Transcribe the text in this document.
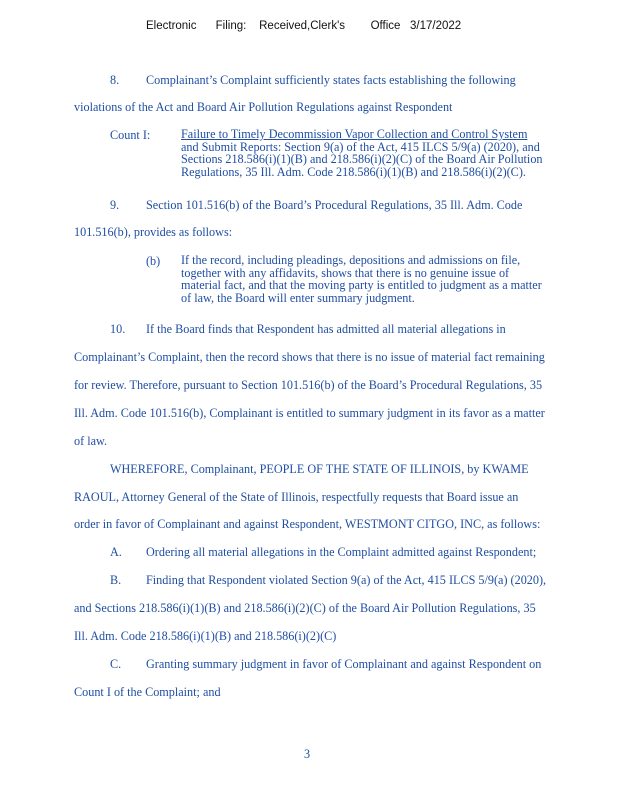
Electronic      Filing:    Received,Clerk's        Office   3/17/2022
8. Complainant’s Complaint sufficiently states facts establishing the following
violations of the Act and Board Air Pollution Regulations against Respondent
Count I:	Failure to Timely Decommission Vapor Collection and Control System
and Submit Reports: Section 9(a) of the Act, 415 ILCS 5/9(a) (2020), and
Sections 218.586(i)(1)(B) and 218.586(i)(2)(C) of the Board Air Pollution
Regulations, 35 Ill. Adm. Code 218.586(i)(1)(B) and 218.586(i)(2)(C).
9. Section 101.516(b) of the Board’s Procedural Regulations, 35 Ill. Adm. Code
101.516(b), provides as follows:
(b) If the record, including pleadings, depositions and admissions on file,
together with any affidavits, shows that there is no genuine issue of
material fact, and that the moving party is entitled to judgment as a matter
of law, the Board will enter summary judgment.
10. If the Board finds that Respondent has admitted all material allegations in
Complainant’s Complaint, then the record shows that there is no issue of material fact remaining
for review. Therefore, pursuant to Section 101.516(b) of the Board’s Procedural Regulations, 35
Ill. Adm. Code 101.516(b), Complainant is entitled to summary judgment in its favor as a matter
of law.
WHEREFORE, Complainant, PEOPLE OF THE STATE OF ILLINOIS, by KWAME
RAOUL, Attorney General of the State of Illinois, respectfully requests that Board issue an
order in favor of Complainant and against Respondent, WESTMONT CITGO, INC, as follows:
A. Ordering all material allegations in the Complaint admitted against Respondent;
B. Finding that Respondent violated Section 9(a) of the Act, 415 ILCS 5/9(a) (2020),
and Sections 218.586(i)(1)(B) and 218.586(i)(2)(C) of the Board Air Pollution Regulations, 35
Ill. Adm. Code 218.586(i)(1)(B) and 218.586(i)(2)(C)
C. Granting summary judgment in favor of Complainant and against Respondent on
Count I of the Complaint; and
3
